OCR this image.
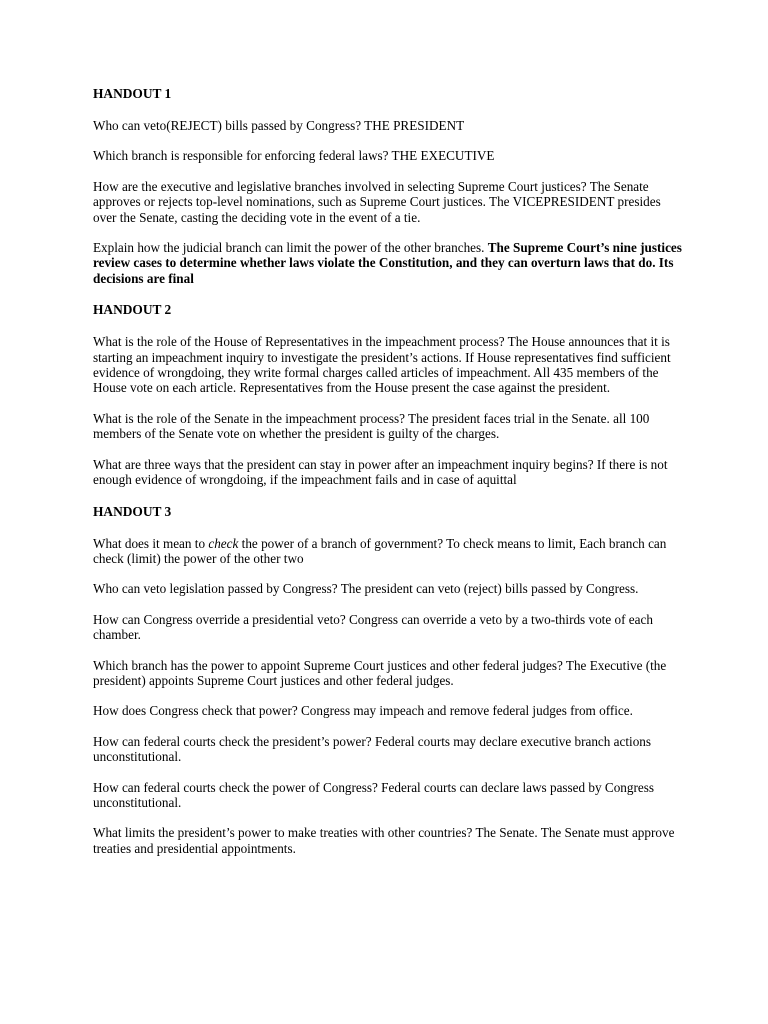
HANDOUT 1

Who can veto(REJECT) bills passed by Congress? THE PRESIDENT

Which branch is responsible for enforcing federal laws? THE EXECUTIVE

How are the executive and legislative branches involved in selecting Supreme Court justices? The Senate approves or rejects top-level nominations, such as Supreme Court justices. The VICEPRESIDENT presides over the Senate, casting the deciding vote in the event of a tie.

Explain how the judicial branch can limit the power of the other branches. The Supreme Court’s nine justices review cases to determine whether laws violate the Constitution, and they can overturn laws that do. Its decisions are final

HANDOUT 2

What is the role of the House of Representatives in the impeachment process? The House announces that it is starting an impeachment inquiry to investigate the president’s actions. If House representatives find sufficient evidence of wrongdoing, they write formal charges called articles of impeachment. All 435 members of the House vote on each article. Representatives from the House present the case against the president.

What is the role of the Senate in the impeachment process? The president faces trial in the Senate. all 100 members of the Senate vote on whether the president is guilty of the charges.

What are three ways that the president can stay in power after an impeachment inquiry begins? If there is not enough evidence of wrongdoing, if the impeachment fails and in case of aquittal

HANDOUT 3

What does it mean to check the power of a branch of government? To check means to limit, Each branch can check (limit) the power of the other two

Who can veto legislation passed by Congress? The president can veto (reject) bills passed by Congress.

How can Congress override a presidential veto? Congress can override a veto by a two-thirds vote of each chamber.

Which branch has the power to appoint Supreme Court justices and other federal judges? The Executive (the president) appoints Supreme Court justices and other federal judges.

How does Congress check that power? Congress may impeach and remove federal judges from office.

How can federal courts check the president’s power? Federal courts may declare executive branch actions unconstitutional.

How can federal courts check the power of Congress? Federal courts can declare laws passed by Congress unconstitutional.

What limits the president’s power to make treaties with other countries? The Senate. The Senate must approve treaties and presidential appointments.
